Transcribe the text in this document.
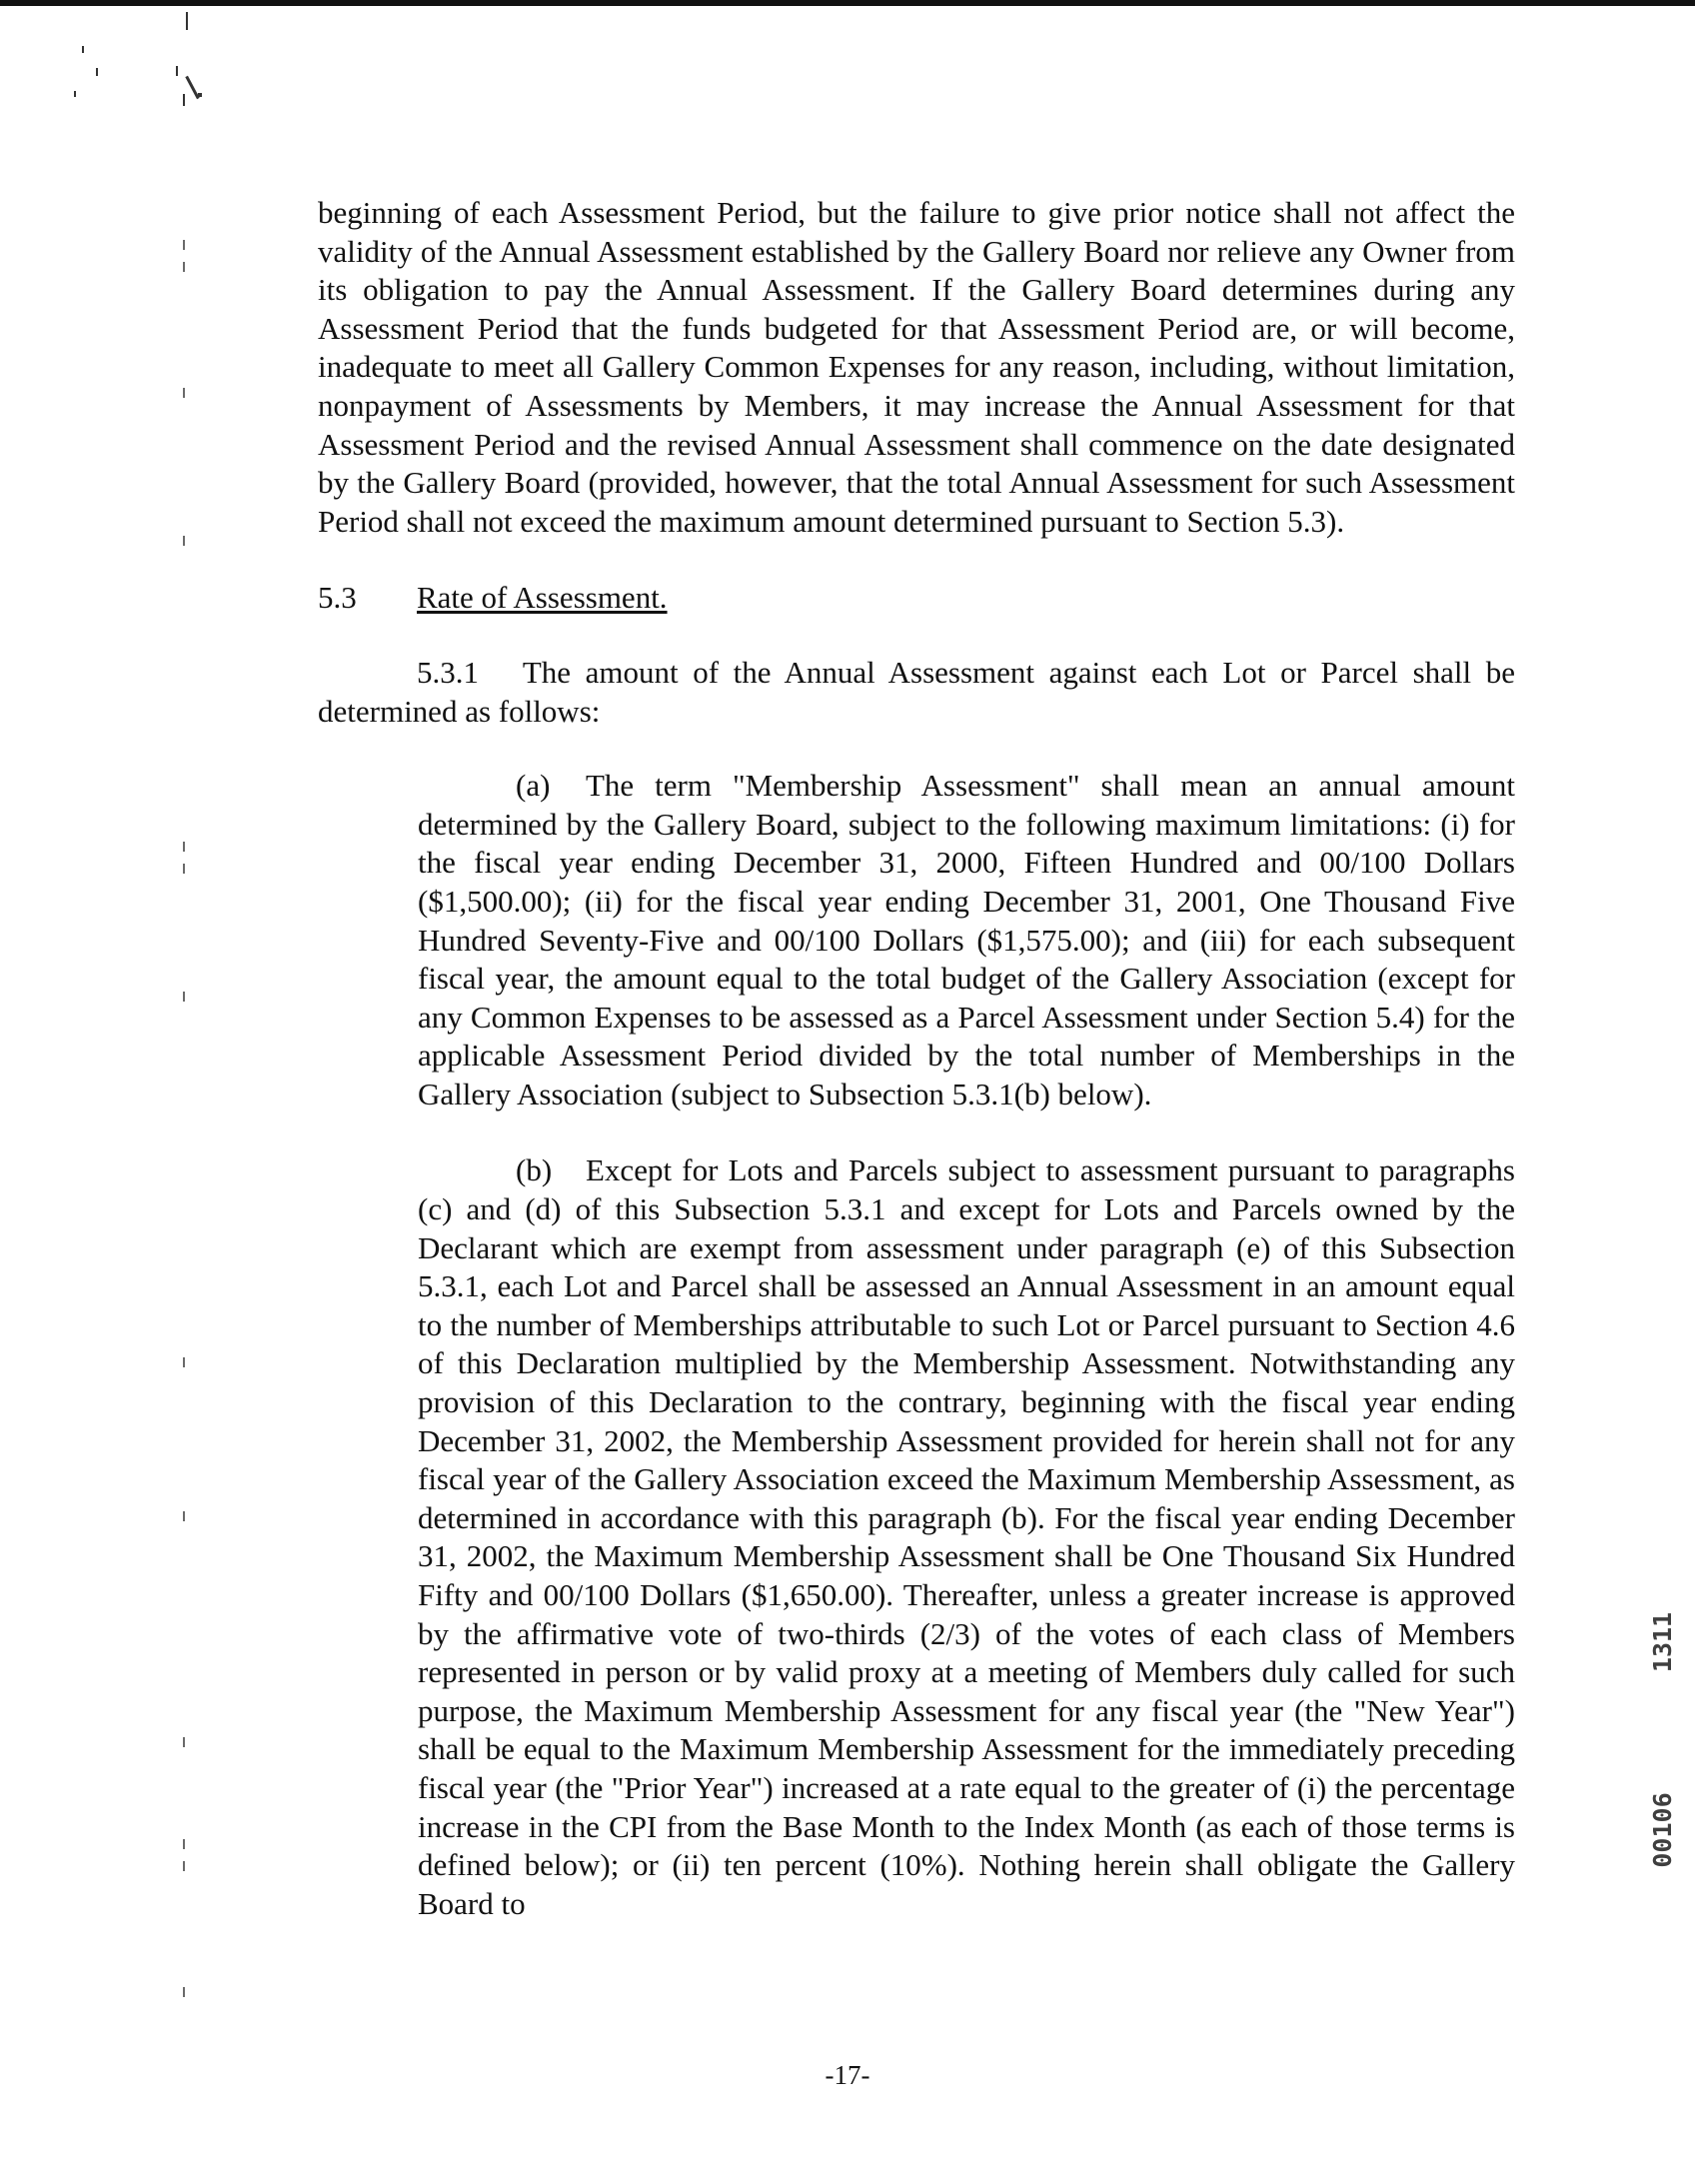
beginning of each Assessment Period, but the failure to give prior notice shall not affect the validity of the Annual Assessment established by the Gallery Board nor relieve any Owner from its obligation to pay the Annual Assessment. If the Gallery Board determines during any Assessment Period that the funds budgeted for that Assessment Period are, or will become, inadequate to meet all Gallery Common Expenses for any reason, including, without limitation, nonpayment of Assessments by Members, it may increase the Annual Assessment for that Assessment Period and the revised Annual Assessment shall commence on the date designated by the Gallery Board (provided, however, that the total Annual Assessment for such Assessment Period shall not exceed the maximum amount determined pursuant to Section 5.3).

5.3	Rate of Assessment.

5.3.1 The amount of the Annual Assessment against each Lot or Parcel shall be determined as follows:

(a) The term "Membership Assessment" shall mean an annual amount determined by the Gallery Board, subject to the following maximum limitations: (i) for the fiscal year ending December 31, 2000, Fifteen Hundred and 00/100 Dollars ($1,500.00); (ii) for the fiscal year ending December 31, 2001, One Thousand Five Hundred Seventy-Five and 00/100 Dollars ($1,575.00); and (iii) for each subsequent fiscal year, the amount equal to the total budget of the Gallery Association (except for any Common Expenses to be assessed as a Parcel Assessment under Section 5.4) for the applicable Assessment Period divided by the total number of Memberships in the Gallery Association (subject to Subsection 5.3.1(b) below).

(b) Except for Lots and Parcels subject to assessment pursuant to paragraphs (c) and (d) of this Subsection 5.3.1 and except for Lots and Parcels owned by the Declarant which are exempt from assessment under paragraph (e) of this Subsection 5.3.1, each Lot and Parcel shall be assessed an Annual Assessment in an amount equal to the number of Memberships attributable to such Lot or Parcel pursuant to Section 4.6 of this Declaration multiplied by the Membership Assessment. Notwithstanding any provision of this Declaration to the contrary, beginning with the fiscal year ending December 31, 2002, the Membership Assessment provided for herein shall not for any fiscal year of the Gallery Association exceed the Maximum Membership Assessment, as determined in accordance with this paragraph (b). For the fiscal year ending December 31, 2002, the Maximum Membership Assessment shall be One Thousand Six Hundred Fifty and 00/100 Dollars ($1,650.00). Thereafter, unless a greater increase is approved by the affirmative vote of two-thirds (2/3) of the votes of each class of Members represented in person or by valid proxy at a meeting of Members duly called for such purpose, the Maximum Membership Assessment for any fiscal year (the "New Year") shall be equal to the Maximum Membership Assessment for the immediately preceding fiscal year (the "Prior Year") increased at a rate equal to the greater of (i) the percentage increase in the CPI from the Base Month to the Index Month (as each of those terms is defined below); or (ii) ten percent (10%). Nothing herein shall obligate the Gallery Board to

-17-
1311
00106
